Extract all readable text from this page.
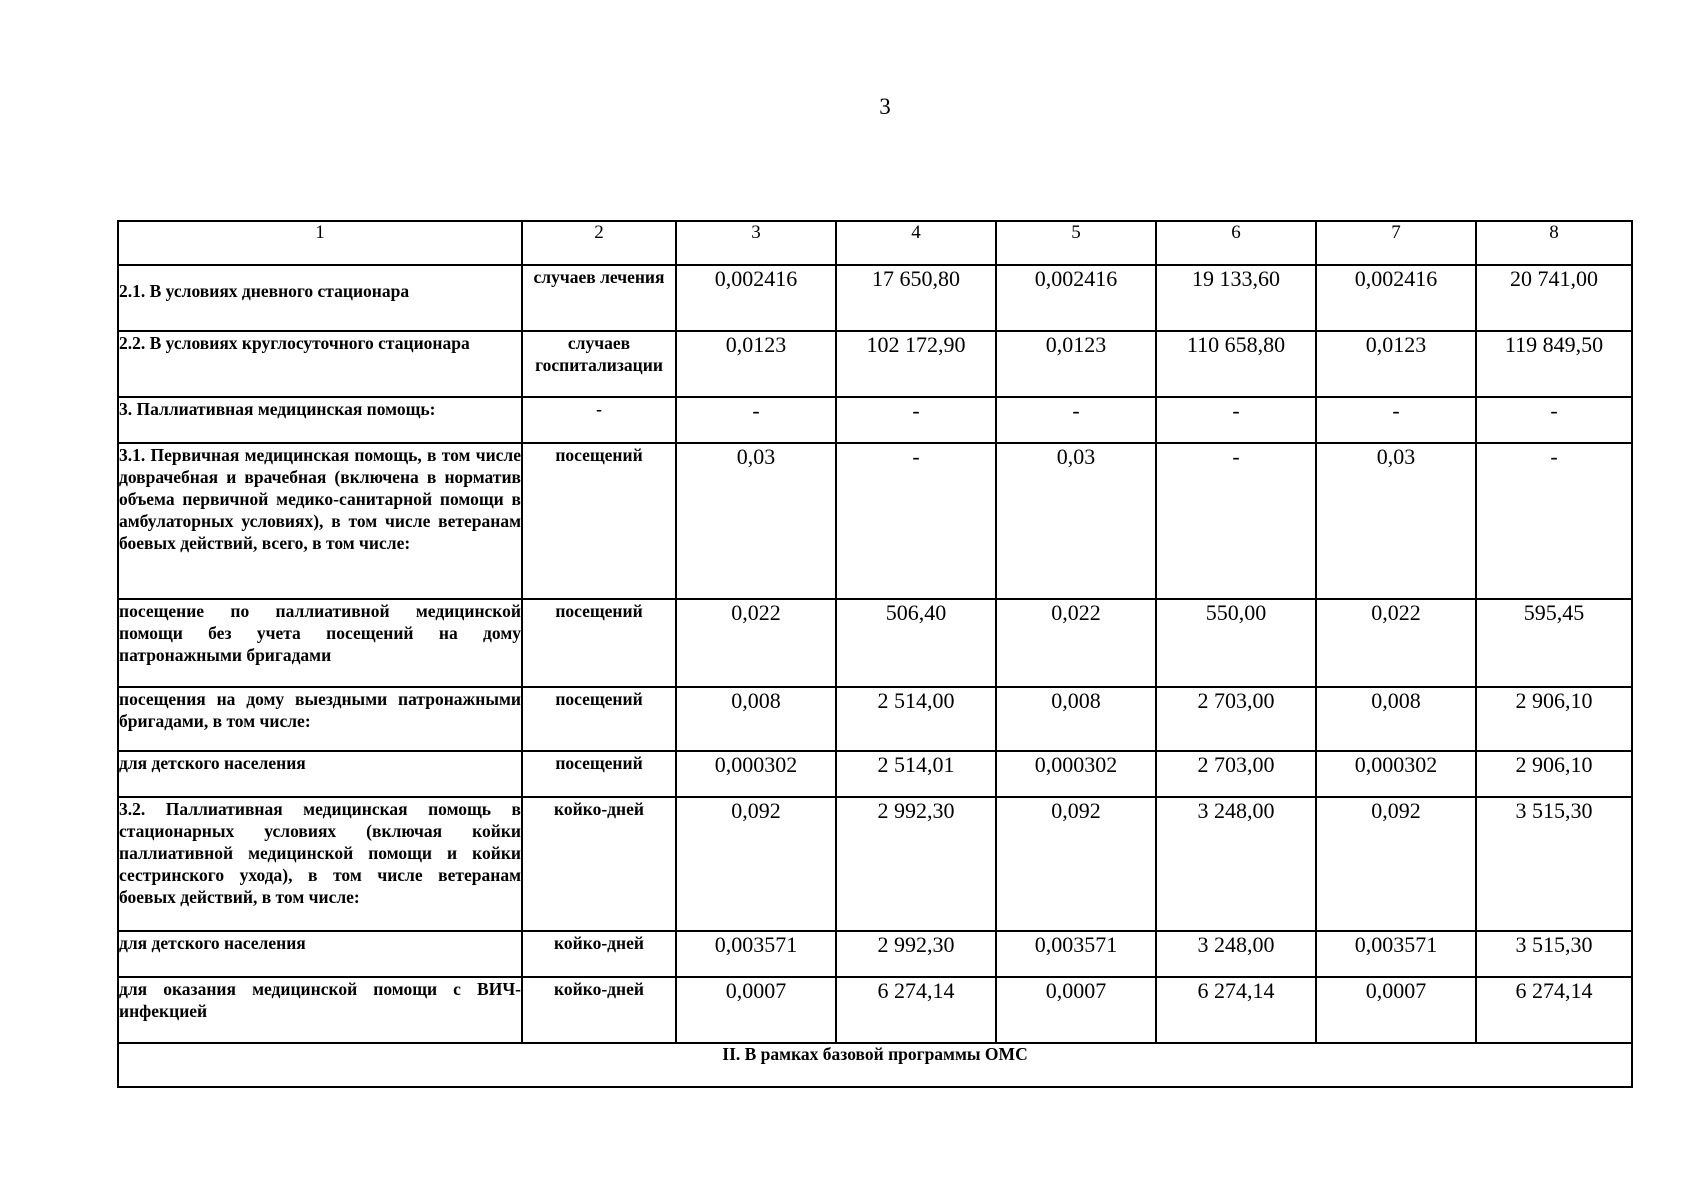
3
1	2	3	4	5	6	7	8
2.1. В условиях дневного стационара	случаев лечения	0,002416	17 650,80	0,002416	19 133,60	0,002416	20 741,00
2.2. В условиях круглосуточного стационара	случаев госпитализации	0,0123	102 172,90	0,0123	110 658,80	0,0123	119 849,50
3. Паллиативная медицинская помощь:	-	-	-	-	-	-	-
3.1. Первичная медицинская помощь, в том числе доврачебная и врачебная (включена в норматив объема первичной медико-санитарной помощи в амбулаторных условиях), в том числе ветеранам боевых действий, всего, в том числе:	посещений	0,03	-	0,03	-	0,03	-
посещение по паллиативной медицинской помощи без учета посещений на дому патронажными бригадами	посещений	0,022	506,40	0,022	550,00	0,022	595,45
посещения на дому выездными патронажными бригадами, в том числе:	посещений	0,008	2 514,00	0,008	2 703,00	0,008	2 906,10
для детского населения	посещений	0,000302	2 514,01	0,000302	2 703,00	0,000302	2 906,10
3.2. Паллиативная медицинская помощь в стационарных условиях (включая койки паллиативной медицинской помощи и койки сестринского ухода), в том числе ветеранам боевых действий, в том числе:	койко-дней	0,092	2 992,30	0,092	3 248,00	0,092	3 515,30
для детского населения	койко-дней	0,003571	2 992,30	0,003571	3 248,00	0,003571	3 515,30
для оказания медицинской помощи с ВИЧ-инфекцией	койко-дней	0,0007	6 274,14	0,0007	6 274,14	0,0007	6 274,14
II. В рамках базовой программы ОМС							
